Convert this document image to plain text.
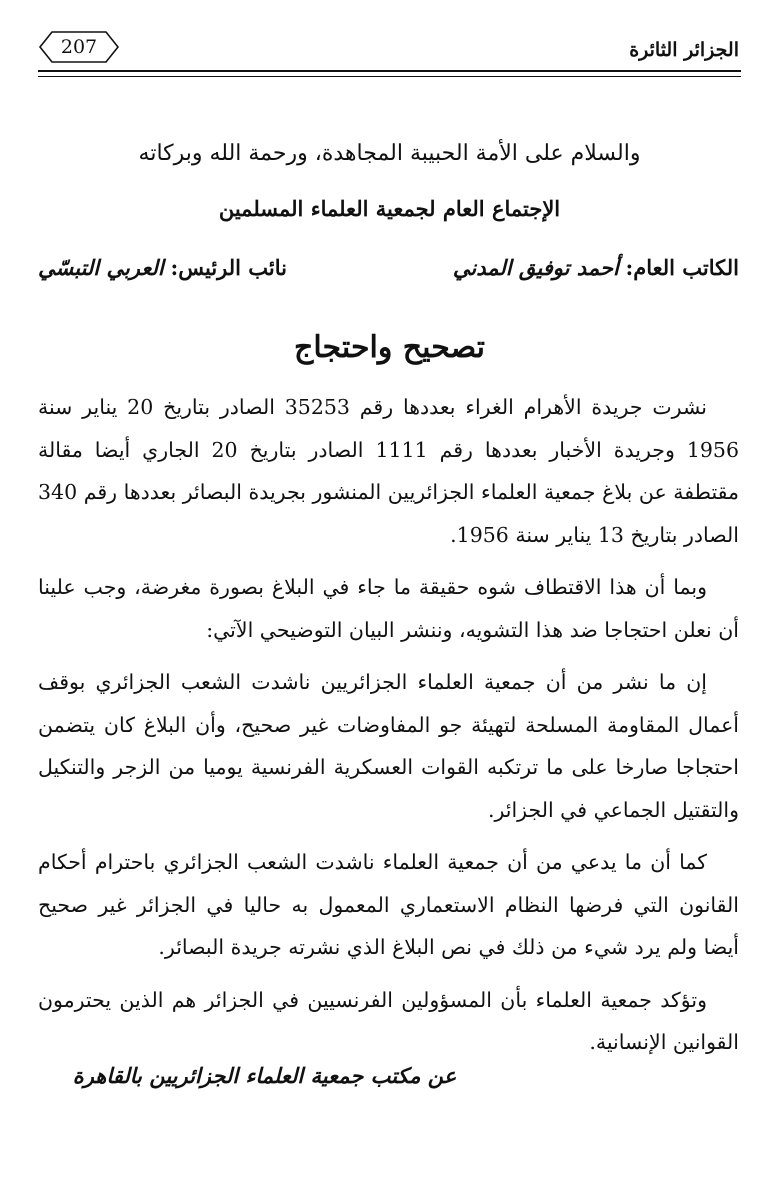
الجزائر الثائرة
207
والسلام على الأمة الحبيبة المجاهدة، ورحمة الله وبركاته
الإجتماع العام لجمعية العلماء المسلمين
الكاتب العام: أحمد توفيق المدني
نائب الرئيس: العربي التبسّي
تصحيح واحتجاج

نشرت جريدة الأهرام الغراء بعددها رقم 35253 الصادر بتاريخ 20 يناير سنة 1956 وجريدة الأخبار بعددها رقم 1111 الصادر بتاريخ 20 الجاري أيضا مقالة مقتطفة عن بلاغ جمعية العلماء الجزائريين المنشور بجريدة البصائر بعددها رقم 340 الصادر بتاريخ 13 يناير سنة 1956.

وبما أن هذا الاقتطاف شوه حقيقة ما جاء في البلاغ بصورة مغرضة، وجب علينا أن نعلن احتجاجا ضد هذا التشويه، وننشر البيان التوضيحي الآتي:

إن ما نشر من أن جمعية العلماء الجزائريين ناشدت الشعب الجزائري بوقف أعمال المقاومة المسلحة لتهيئة جو المفاوضات غير صحيح، وأن البلاغ كان يتضمن احتجاجا صارخا على ما ترتكبه القوات العسكرية الفرنسية يوميا من الزجر والتنكيل والتقتيل الجماعي في الجزائر.

كما أن ما يدعي من أن جمعية العلماء ناشدت الشعب الجزائري باحترام أحكام القانون التي فرضها النظام الاستعماري المعمول به حاليا في الجزائر غير صحيح أيضا ولم يرد شيء من ذلك في نص البلاغ الذي نشرته جريدة البصائر.

وتؤكد جمعية العلماء بأن المسؤولين الفرنسيين في الجزائر هم الذين يحترمون القوانين الإنسانية.

عن مكتب جمعية العلماء الجزائريين بالقاهرة
